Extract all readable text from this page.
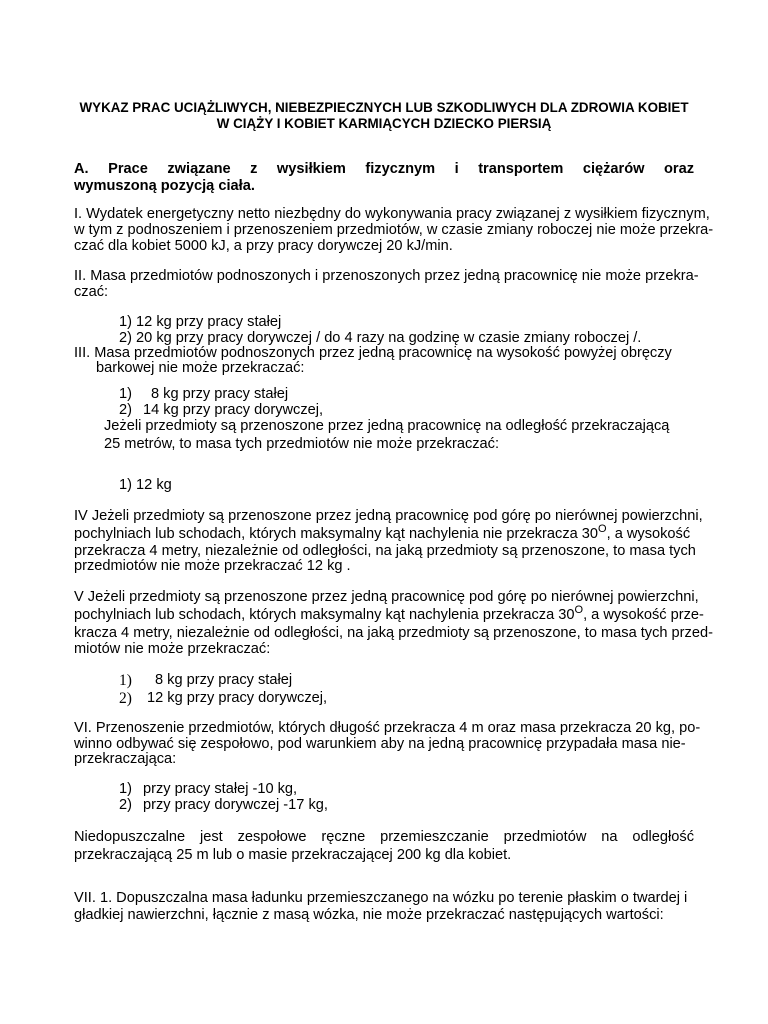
WYKAZ PRAC UCIĄŻLIWYCH, NIEBEZPIECZNYCH LUB SZKODLIWYCH DLA ZDROWIA KOBIET
W CIĄŻY I KOBIET KARMIĄCYCH DZIECKO PIERSIĄ
A. Prace związane z wysiłkiem fizycznym i transportem ciężarów oraz
wymuszoną pozycją ciała.
I. Wydatek energetyczny netto niezbędny do wykonywania pracy związanej z wysiłkiem fizycznym,
w tym z podnoszeniem i przenoszeniem przedmiotów, w czasie zmiany roboczej nie może przekra-
czać dla kobiet 5000 kJ, a przy pracy dorywczej 20 kJ/min.
II. Masa przedmiotów podnoszonych i przenoszonych przez jedną pracownicę nie może przekra-
czać:
1) 12 kg przy pracy stałej
2) 20 kg przy pracy dorywczej / do 4 razy na godzinę w czasie zmiany roboczej /.
III. Masa przedmiotów podnoszonych przez jedną pracownicę na wysokość powyżej obręczy
barkowej nie może przekraczać:
1) 8 kg przy pracy stałej
2) 14 kg przy pracy dorywczej,
Jeżeli przedmioty są przenoszone przez jedną pracownicę na odległość przekraczającą
25 metrów, to masa tych przedmiotów nie może przekraczać:
1) 12 kg
IV Jeżeli przedmioty są przenoszone przez jedną pracownicę pod górę po nierównej powierzchni,
pochylniach lub schodach, których maksymalny kąt nachylenia nie przekracza $30^O$, a wysokość
przekracza 4 metry, niezależnie od odległości, na jaką przedmioty są przenoszone, to masa tych
przedmiotów nie może przekraczać 12 kg .
V Jeżeli przedmioty są przenoszone przez jedną pracownicę pod górę po nierównej powierzchni,
pochylniach lub schodach, których maksymalny kąt nachylenia przekracza $30^O$, a wysokość prze-
kracza 4 metry, niezależnie od odległości, na jaką przedmioty są przenoszone, to masa tych przed-
miotów nie może przekraczać:
1) 8 kg przy pracy stałej
2) 12 kg przy pracy dorywczej,
VI. Przenoszenie przedmiotów, których długość przekracza 4 m oraz masa przekracza 20 kg, po-
winno odbywać się zespołowo, pod warunkiem aby na jedną pracownicę przypadała masa nie-
przekraczająca:
1) przy pracy stałej -10 kg,
2) przy pracy dorywczej -17 kg,
Niedopuszczalne jest zespołowe ręczne przemieszczanie przedmiotów na odległość
przekraczającą 25 m lub o masie przekraczającej 200 kg dla kobiet.
VII. 1. Dopuszczalna masa ładunku przemieszczanego na wózku po terenie płaskim o twardej i
gładkiej nawierzchni, łącznie z masą wózka, nie może przekraczać następujących wartości:
